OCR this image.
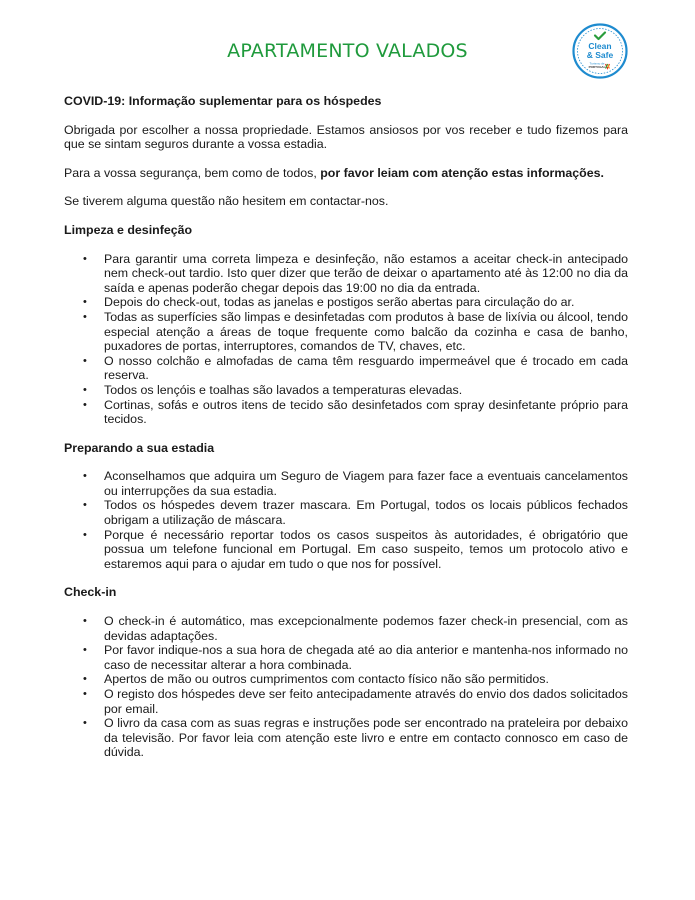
APARTAMENTO VALADOS	Clean
& Safe
Turismo de
PORTUGAL

COVID-19: Informação suplementar para os hóspedes

Obrigada por escolher a nossa propriedade. Estamos ansiosos por vos receber e tudo fizemos para que se sintam seguros durante a vossa estadia.

Para a vossa segurança, bem como de todos, por favor leiam com atenção estas informações.

Se tiverem alguma questão não hesitem em contactar-nos.

Limpeza e desinfeção

• Para garantir uma correta limpeza e desinfeção, não estamos a aceitar check-in antecipado nem check-out tardio. Isto quer dizer que terão de deixar o apartamento até às 12:00 no dia da saída e apenas poderão chegar depois das 19:00 no dia da entrada.
• Depois do check-out, todas as janelas e postigos serão abertas para circulação do ar.
• Todas as superfícies são limpas e desinfetadas com produtos à base de lixívia ou álcool, tendo especial atenção a áreas de toque frequente como balcão da cozinha e casa de banho, puxadores de portas, interruptores, comandos de TV, chaves, etc.
• O nosso colchão e almofadas de cama têm resguardo impermeável que é trocado em cada reserva.
• Todos os lençóis e toalhas são lavados a temperaturas elevadas.
• Cortinas, sofás e outros itens de tecido são desinfetados com spray desinfetante próprio para tecidos.

Preparando a sua estadia

• Aconselhamos que adquira um Seguro de Viagem para fazer face a eventuais cancelamentos ou interrupções da sua estadia.
• Todos os hóspedes devem trazer mascara. Em Portugal, todos os locais públicos fechados obrigam a utilização de máscara.
• Porque é necessário reportar todos os casos suspeitos às autoridades, é obrigatório que possua um telefone funcional em Portugal. Em caso suspeito, temos um protocolo ativo e estaremos aqui para o ajudar em tudo o que nos for possível.

Check-in

• O check-in é automático, mas excepcionalmente podemos fazer check-in presencial, com as devidas adaptações.
• Por favor indique-nos a sua hora de chegada até ao dia anterior e mantenha-nos informado no caso de necessitar alterar a hora combinada.
• Apertos de mão ou outros cumprimentos com contacto físico não são permitidos.
• O registo dos hóspedes deve ser feito antecipadamente através do envio dos dados solicitados por email.
• O livro da casa com as suas regras e instruções pode ser encontrado na prateleira por debaixo da televisão. Por favor leia com atenção este livro e entre em contacto connosco em caso de dúvida.
